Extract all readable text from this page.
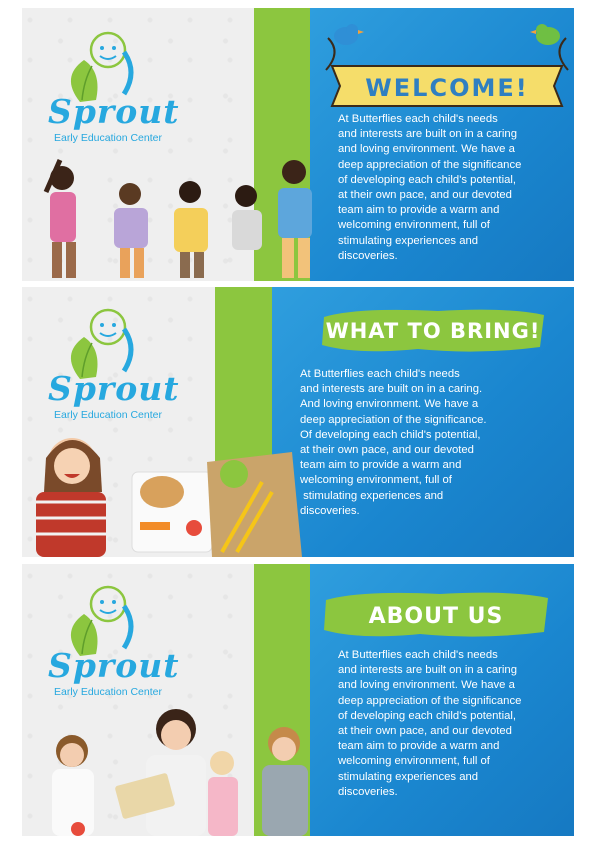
Sprout
Early Education Center
WELCOME!
At Butterflies each child's needs
and interests are built on in a caring
and loving environment. We have a
deep appreciation of the significance
of developing each child's potential,
at their own pace, and our devoted
team aim to provide a warm and
welcoming environment, full of
stimulating experiences and
discoveries.
Sprout
Early Education Center
WHAT TO BRING!
At Butterflies each child's needs
and interests are built on in a caring.
And loving environment. We have a
deep appreciation of the significance.
Of developing each child's potential,
at their own pace, and our devoted
team aim to provide a warm and
welcoming environment, full of
stimulating experiences and
discoveries.
Sprout
Early Education Center
ABOUT US
At Butterflies each child's needs
and interests are built on in a caring
and loving environment. We have a
deep appreciation of the significance
of developing each child's potential,
at their own pace, and our devoted
team aim to provide a warm and
welcoming environment, full of
stimulating experiences and
discoveries.
